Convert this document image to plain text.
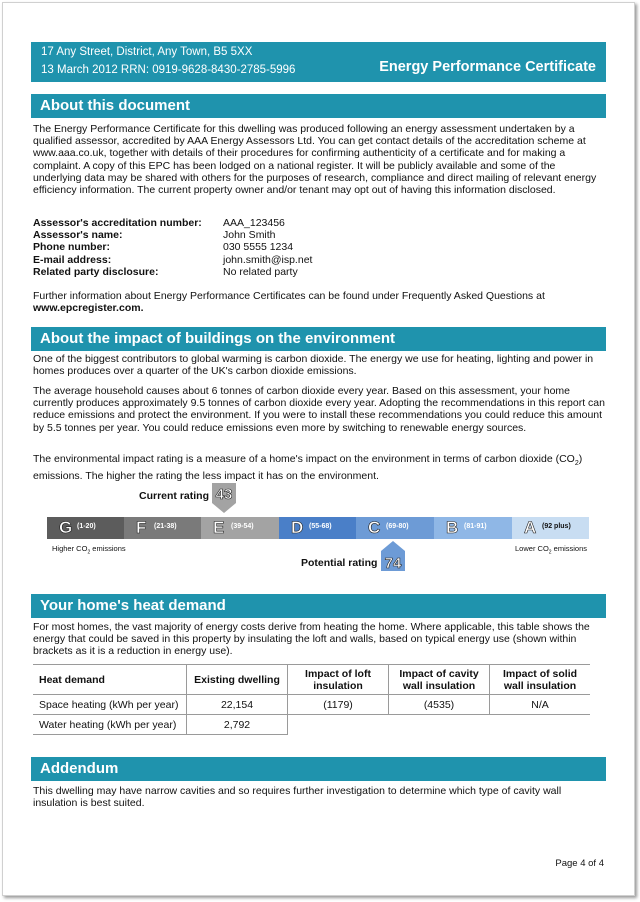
17 Any Street, District, Any Town, B5 5XX
13 March 2012 RRN: 0919-9628-8430-2785-5996	Energy Performance Certificate
About this document

The Energy Performance Certificate for this dwelling was produced following an energy assessment undertaken by a qualified assessor, accredited by AAA Energy Assessors Ltd. You can get contact details of the accreditation scheme at www.aaa.co.uk, together with details of their procedures for confirming authenticity of a certificate and for making a complaint. A copy of this EPC has been lodged on a national register. It will be publicly available and some of the underlying data may be shared with others for the purposes of research, compliance and direct mailing of relevant energy efficiency information. The current property owner and/or tenant may opt out of having this information disclosed.

Assessor's accreditation number: AAA_123456
Assessor's name:	John Smith
Phone number:	030 5555 1234
E-mail address:	john.smith@isp.net
Related party disclosure:	No related party

Further information about Energy Performance Certificates can be found under Frequently Asked Questions at
www.epcregister.com.

About the impact of buildings on the environment

One of the biggest contributors to global warming is carbon dioxide. The energy we use for heating, lighting and power in homes produces over a quarter of the UK's carbon dioxide emissions.

The average household causes about 6 tonnes of carbon dioxide every year. Based on this assessment, your home currently produces approximately 9.5 tonnes of carbon dioxide every year. Adopting the recommendations in this report can reduce emissions and protect the environment. If you were to install these recommendations you could reduce this amount by 5.5 tonnes per year. You could reduce emissions even more by switching to renewable energy sources.

The environmental impact rating is a measure of a home's impact on the environment in terms of carbon dioxide $(CO_2)$ emissions. The higher the rating the less impact it has on the environment.

Current rating 43
G (1-20) F (21-38) E (39-54) D (55-68) C (69-80) B (81-91) A (92 plus)
Higher $CO_2$ emissions	Lower $CO_2$ emissions
74
Potential rating
Your home's heat demand

For most homes, the vast majority of energy costs derive from heating the home. Where applicable, this table shows the energy that could be saved in this property by insulating the loft and walls, based on typical energy use (shown within brackets as it is a reduction in energy use).

Heat demand	Existing dwelling	Impact of loft insulation	Impact of cavity wall insulation	Impact of solid wall insulation
Space heating (kWh per year)	22,154	(1179)	(4535)	N/A
Water heating (kWh per year)	2,792			
Addendum

This dwelling may have narrow cavities and so requires further investigation to determine which type of cavity wall insulation is best suited.

Page 4 of 4
